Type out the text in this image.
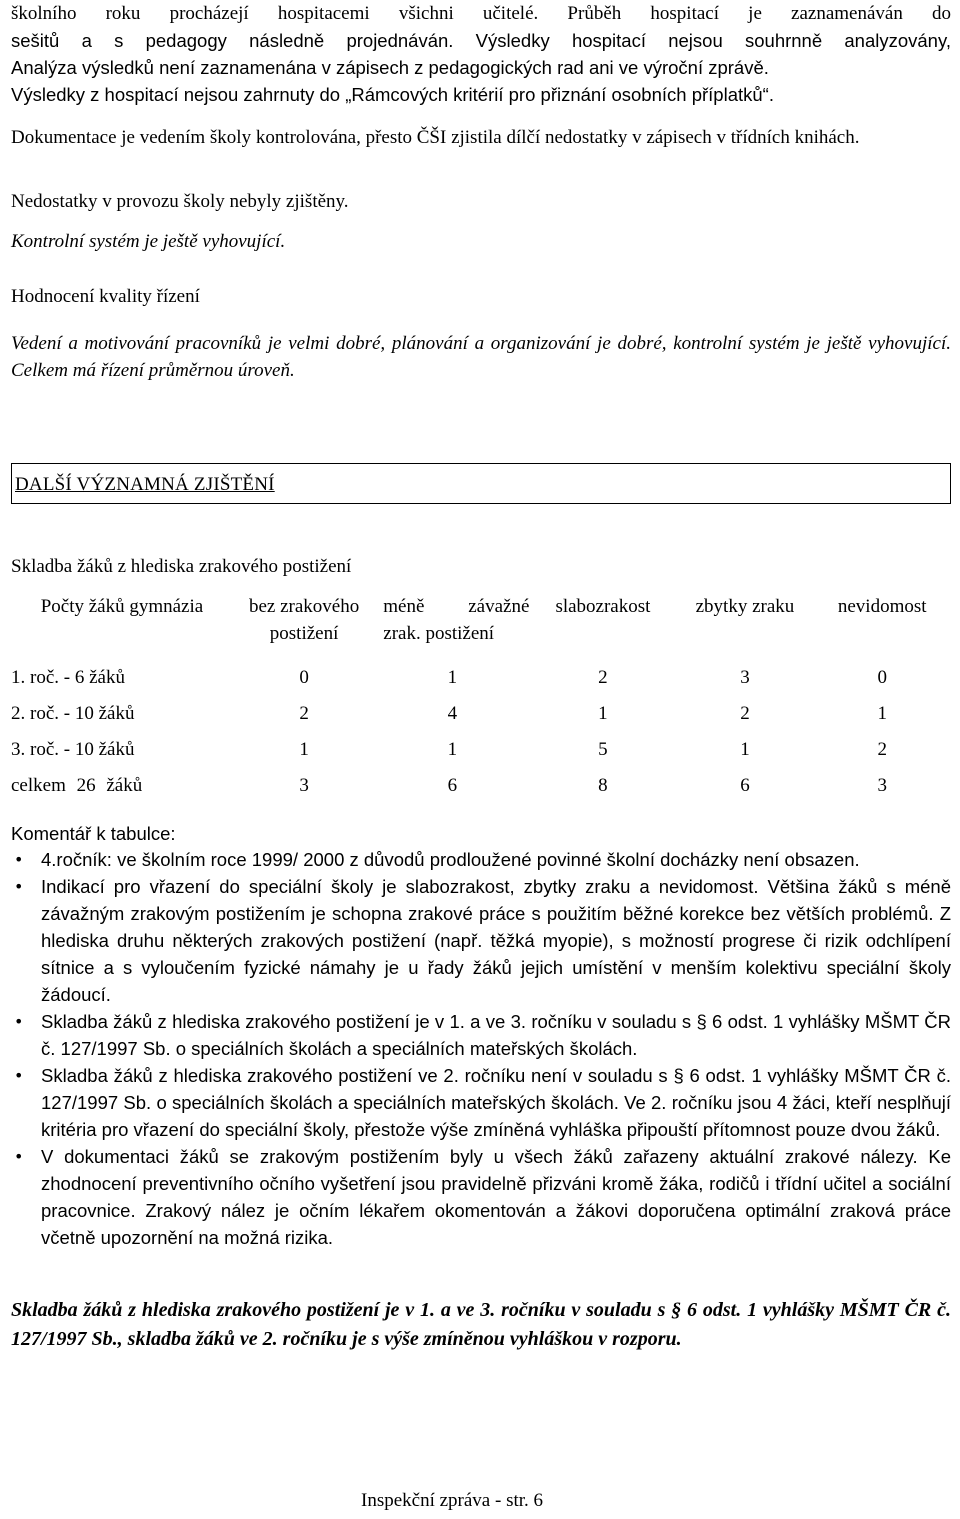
školního roku procházejí hospitacemi všichni učitelé. Průběh hospitací je zaznamenáván do

sešitů a s pedagogy následně projednáván. Výsledky hospitací nejsou souhrnně analyzovány,

Analýza výsledků není zaznamenána v zápisech z pedagogických rad ani ve výroční zprávě.

Výsledky z hospitací nejsou zahrnuty do „Rámcových kritérií pro přiznání osobních příplatků“.

Dokumentace je vedením školy kontrolována, přesto ČŠI zjistila dílčí nedostatky v zápisech v třídních knihách.

Nedostatky v provozu školy nebyly zjištěny.

Kontrolní systém je ještě vyhovující.

Hodnocení kvality řízení

Vedení a motivování pracovníků je velmi dobré, plánování a organizování je dobré, kontrolní systém je ještě vyhovující. Celkem má řízení průměrnou úroveň.

DALŠÍ VÝZNAMNÁ ZJIŠTĚNÍ

Skladba žáků z hlediska zrakového postižení

Počty žáků gymnázia	bez zrakového postižení	méně závažné zrak. postižení	slabozrakost	zbytky zraku	nevidomost
1. roč. - 6 žáků	0	1	2	3	0
2. roč. - 10 žáků	2	4	1	2	1
3. roč. - 10 žáků	1	1	5	1	2
celkem 26 žáků	3	6	8	6	3

Komentář k tabulce:

• 4.ročník: ve školním roce 1999/ 2000 z důvodů prodloužené povinné školní docházky není obsazen.
• Indikací pro vřazení do speciální školy je slabozrakost, zbytky zraku a nevidomost. Většina žáků s méně závažným zrakovým postižením je schopna zrakové práce s použitím běžné korekce bez větších problémů. Z hlediska druhu některých zrakových postižení (např. těžká myopie), s možností progrese či rizik odchlípení sítnice a s vyloučením fyzické námahy je u řady žáků jejich umístění v menším kolektivu speciální školy žádoucí.
• Skladba žáků z hlediska zrakového postižení je v 1. a ve 3. ročníku v souladu s § 6 odst. 1 vyhlášky MŠMT ČR č. 127/1997 Sb. o speciálních školách a speciálních mateřských školách.
• Skladba žáků z hlediska zrakového postižení ve 2. ročníku není v souladu s § 6 odst. 1 vyhlášky MŠMT ČR č. 127/1997 Sb. o speciálních školách a speciálních mateřských školách. Ve 2. ročníku jsou 4 žáci, kteří nesplňují kritéria pro vřazení do speciální školy, přestože výše zmíněná vyhláška připouští přítomnost pouze dvou žáků.
• V dokumentaci žáků se zrakovým postižením byly u všech žáků zařazeny aktuální zrakové nálezy. Ke zhodnocení preventivního očního vyšetření jsou pravidelně přizváni kromě žáka, rodičů i třídní učitel a sociální pracovnice. Zrakový nález je očním lékařem okomentován a žákovi doporučena optimální zraková práce včetně upozornění na možná rizika.

Skladba žáků z hlediska zrakového postižení je v 1. a ve 3. ročníku v souladu s § 6 odst. 1 vyhlášky MŠMT ČR č. 127/1997 Sb., skladba žáků ve 2. ročníku je s výše zmíněnou vyhláškou v rozporu.

Inspekční zpráva - str. 6
